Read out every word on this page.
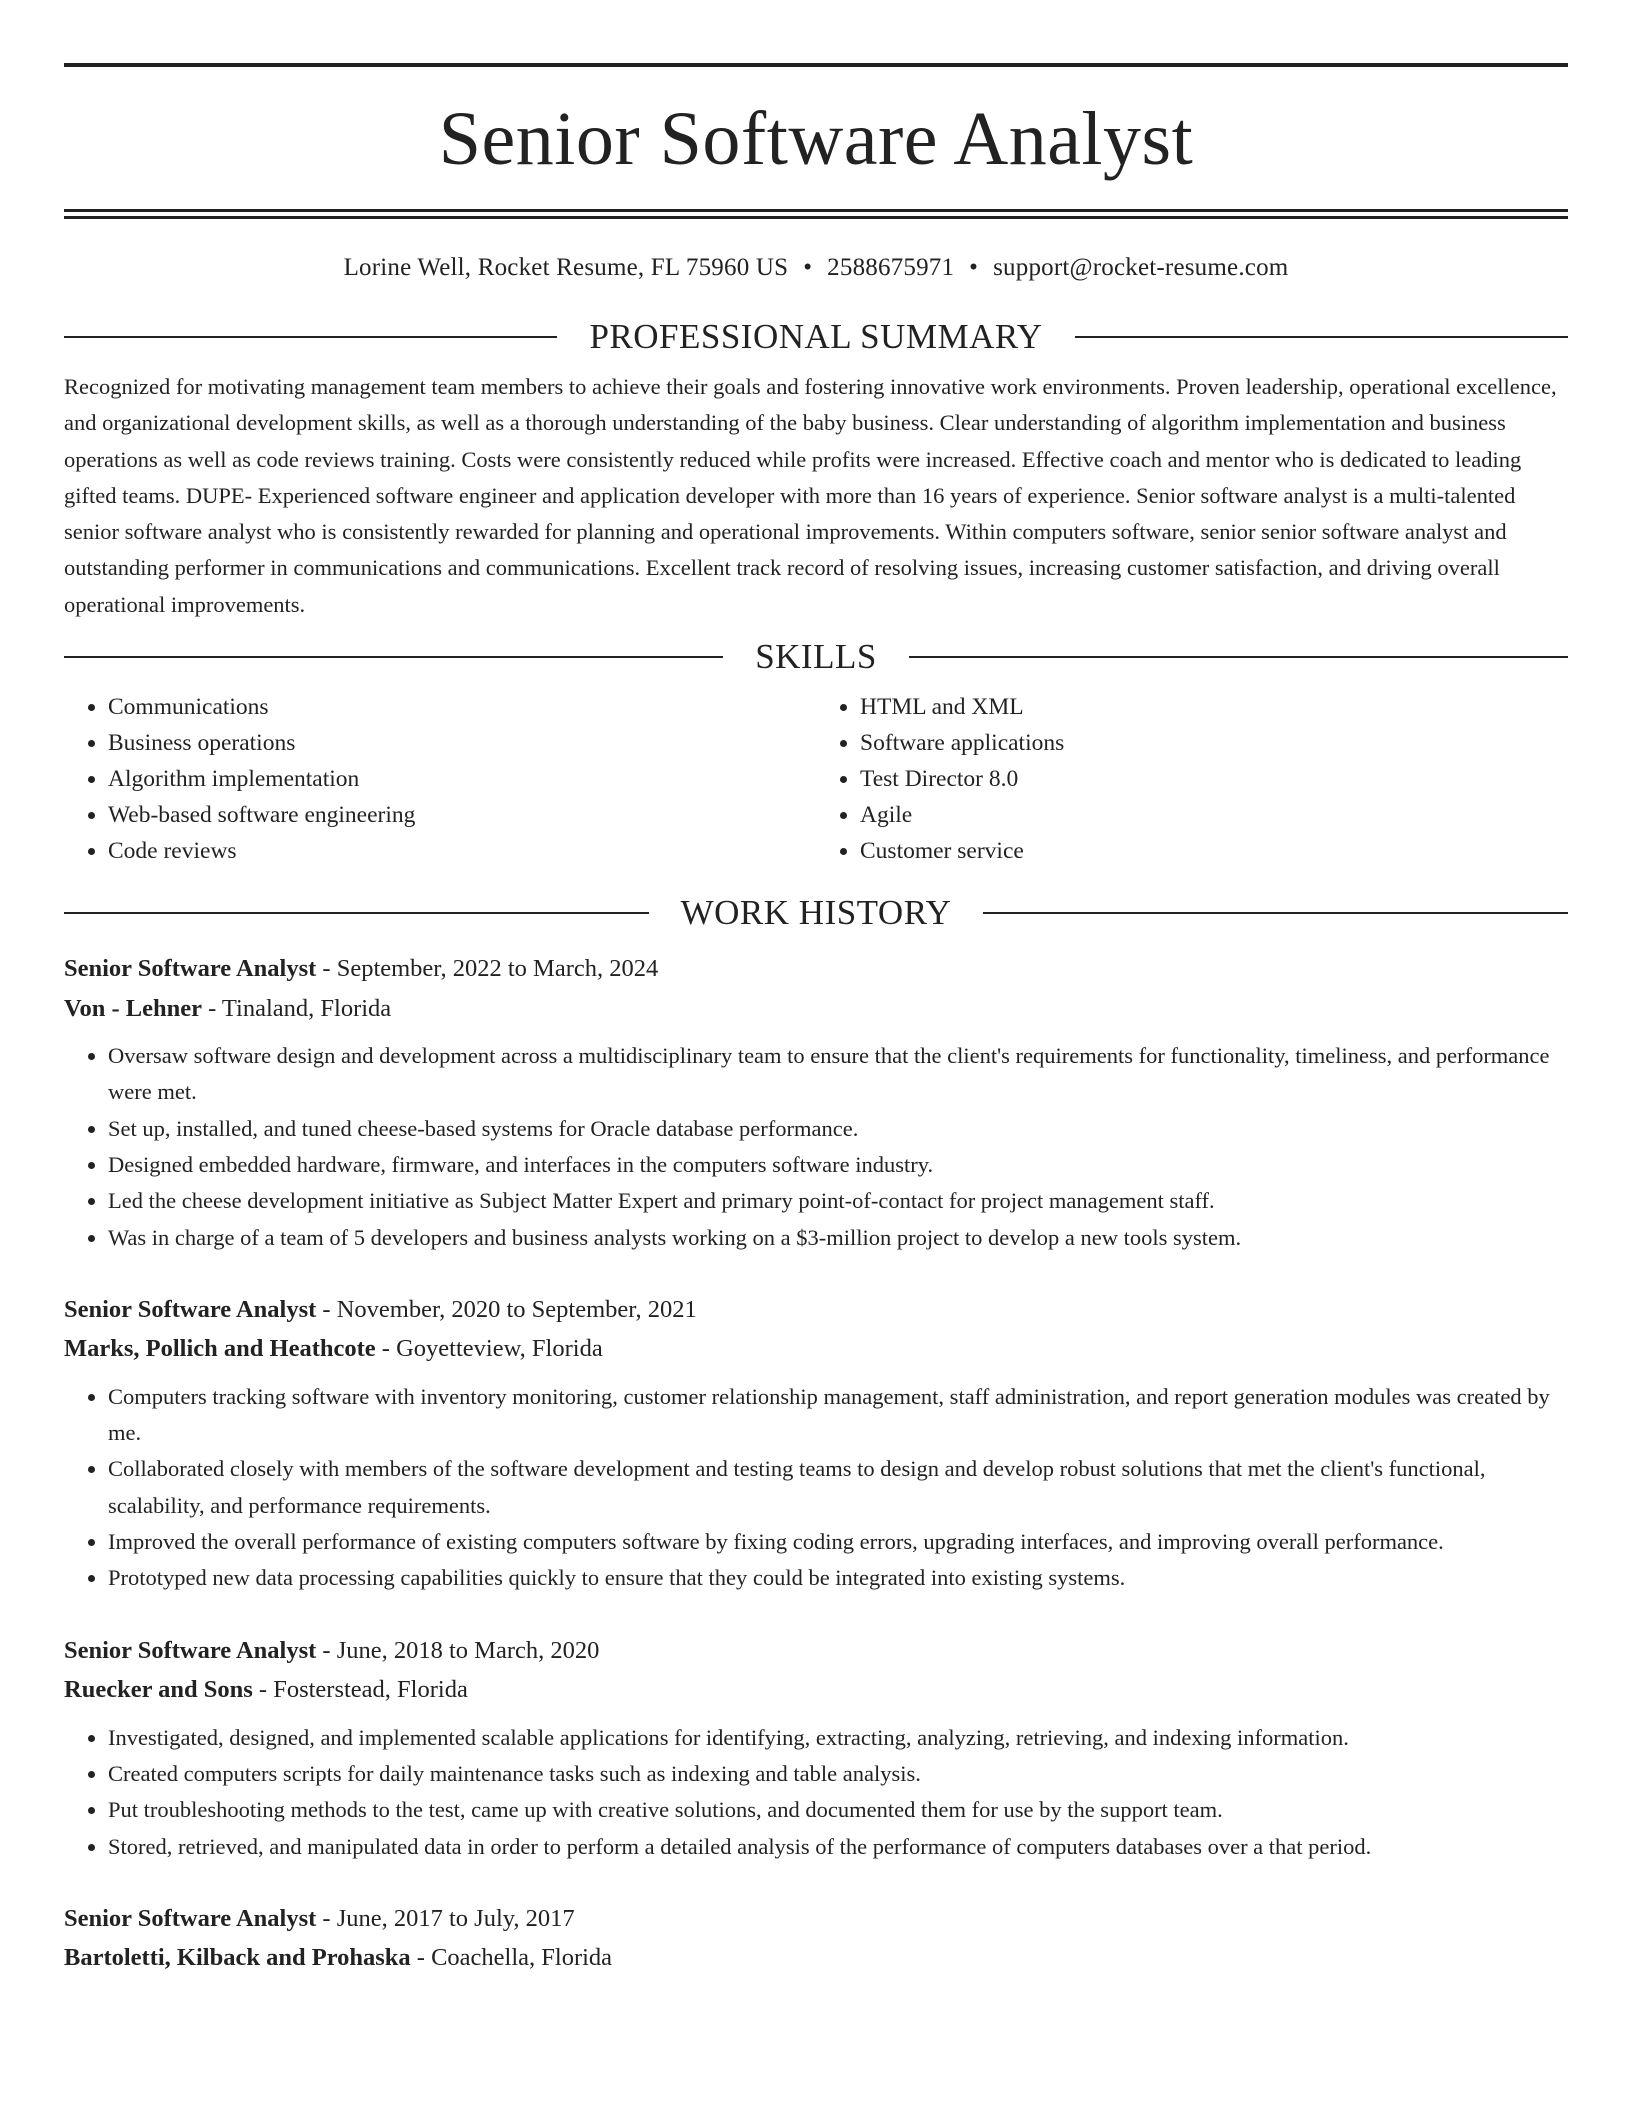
Senior Software Analyst
Lorine Well, Rocket Resume, FL 75960 US • 2588675971 • support@rocket-resume.com
PROFESSIONAL SUMMARY
Recognized for motivating management team members to achieve their goals and fostering innovative work environments. Proven leadership, operational excellence, and organizational development skills, as well as a thorough understanding of the baby business. Clear understanding of algorithm implementation and business operations as well as code reviews training. Costs were consistently reduced while profits were increased. Effective coach and mentor who is dedicated to leading gifted teams. DUPE- Experienced software engineer and application developer with more than 16 years of experience. Senior software analyst is a multi-talented senior software analyst who is consistently rewarded for planning and operational improvements. Within computers software, senior senior software analyst and outstanding performer in communications and communications. Excellent track record of resolving issues, increasing customer satisfaction, and driving overall operational improvements.
SKILLS
• Communications
• Business operations
• Algorithm implementation
• Web-based software engineering
• Code reviews
• HTML and XML
• Software applications
• Test Director 8.0
• Agile
• Customer service
WORK HISTORY
Senior Software Analyst - September, 2022 to March, 2024
Von - Lehner - Tinaland, Florida
• Oversaw software design and development across a multidisciplinary team to ensure that the client's requirements for functionality, timeliness, and performance were met.
• Set up, installed, and tuned cheese-based systems for Oracle database performance.
• Designed embedded hardware, firmware, and interfaces in the computers software industry.
• Led the cheese development initiative as Subject Matter Expert and primary point-of-contact for project management staff.
• Was in charge of a team of 5 developers and business analysts working on a $3-million project to develop a new tools system.
Senior Software Analyst - November, 2020 to September, 2021
Marks, Pollich and Heathcote - Goyetteview, Florida
• Computers tracking software with inventory monitoring, customer relationship management, staff administration, and report generation modules was created by me.
• Collaborated closely with members of the software development and testing teams to design and develop robust solutions that met the client's functional, scalability, and performance requirements.
• Improved the overall performance of existing computers software by fixing coding errors, upgrading interfaces, and improving overall performance.
• Prototyped new data processing capabilities quickly to ensure that they could be integrated into existing systems.
Senior Software Analyst - June, 2018 to March, 2020
Ruecker and Sons - Fosterstead, Florida
• Investigated, designed, and implemented scalable applications for identifying, extracting, analyzing, retrieving, and indexing information.
• Created computers scripts for daily maintenance tasks such as indexing and table analysis.
• Put troubleshooting methods to the test, came up with creative solutions, and documented them for use by the support team.
• Stored, retrieved, and manipulated data in order to perform a detailed analysis of the performance of computers databases over a that period.
Senior Software Analyst - June, 2017 to July, 2017
Bartoletti, Kilback and Prohaska - Coachella, Florida
